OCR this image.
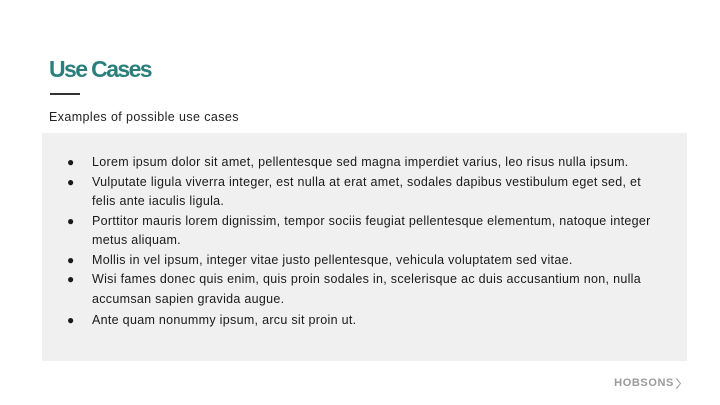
Use Cases

Examples of possible use cases

● Lorem ipsum dolor sit amet, pellentesque sed magna imperdiet varius, leo risus nulla ipsum.
● Vulputate ligula viverra integer, est nulla at erat amet, sodales dapibus vestibulum eget sed, et felis ante iaculis ligula.
● Porttitor mauris lorem dignissim, tempor sociis feugiat pellentesque elementum, natoque integer metus aliquam.
● Mollis in vel ipsum, integer vitae justo pellentesque, vehicula voluptatem sed vitae.
● Wisi fames donec quis enim, quis proin sodales in, scelerisque ac duis accusantium non, nulla accumsan sapien gravida augue.
● Ante quam nonummy ipsum, arcu sit proin ut.
HOBSONS
